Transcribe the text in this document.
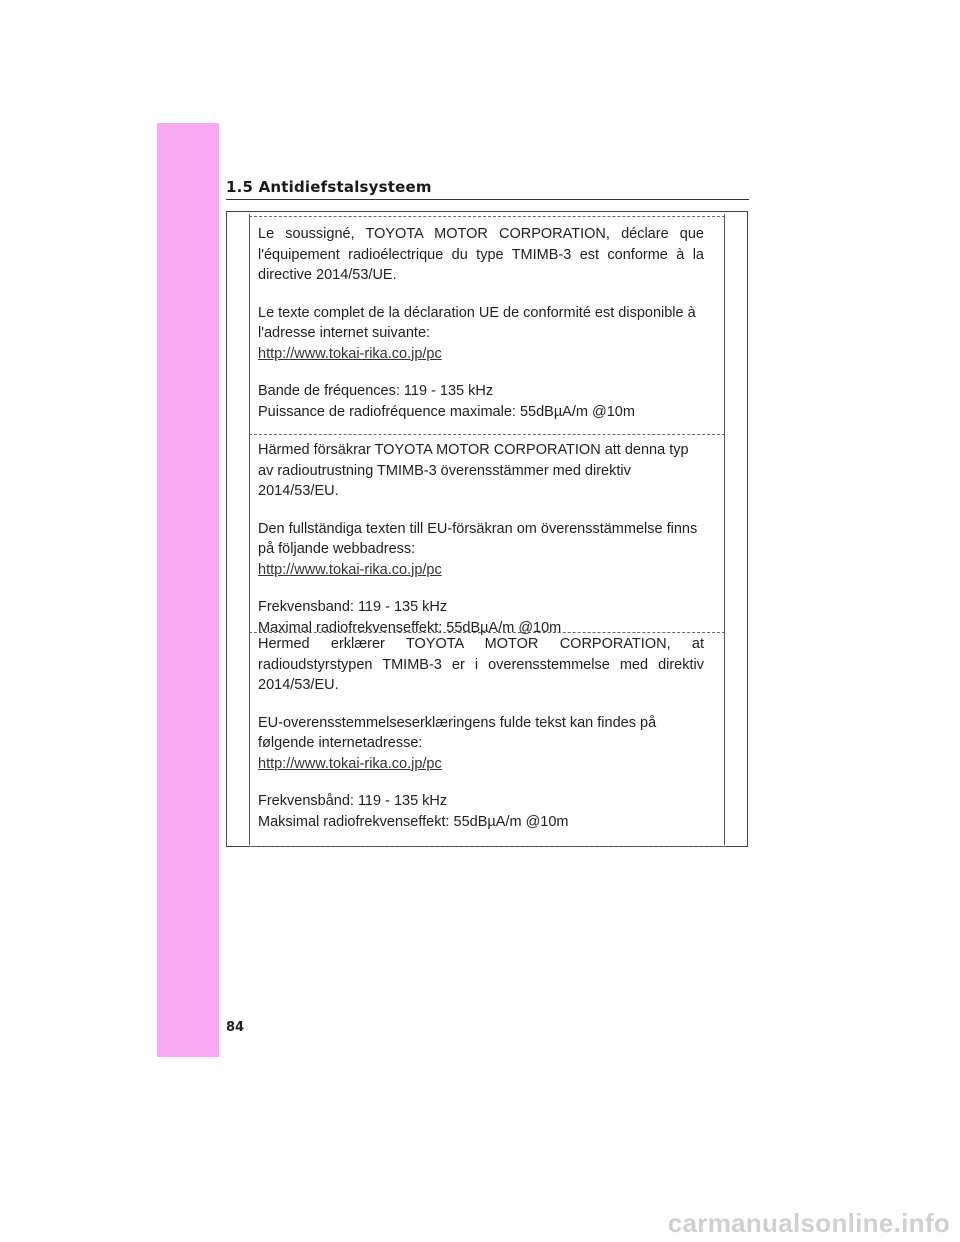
1.5 Antidiefstalsysteem

Le soussigné, TOYOTA MOTOR CORPORATION, déclare que l'équipement radioélectrique du type TMIMB-3 est conforme à la directive 2014/53/UE.

Le texte complet de la déclaration UE de conformité est disponible à l'adresse internet suivante:

http://www.tokai-rika.co.jp/pc

Bande de fréquences: 119 - 135 kHz

Puissance de radiofréquence maximale: 55dBµA/m @10m

Härmed försäkrar TOYOTA MOTOR CORPORATION att denna typ av radioutrustning TMIMB-3 överensstämmer med direktiv 2014/53/EU.

Den fullständiga texten till EU-försäkran om överensstämmelse finns på följande webbadress:

http://www.tokai-rika.co.jp/pc

Frekvensband: 119 - 135 kHz

Maximal radiofrekvenseffekt: 55dBµA/m @10m

Hermed erklærer TOYOTA MOTOR CORPORATION, at radioudstyrstypen TMIMB-3 er i overensstemmelse med direktiv 2014/53/EU.

EU-overensstemmelseserklæringens fulde tekst kan findes på følgende internetadresse:

http://www.tokai-rika.co.jp/pc

Frekvensbånd: 119 - 135 kHz

Maksimal radiofrekvenseffekt: 55dBµA/m @10m

84
carmanualsonline.info
